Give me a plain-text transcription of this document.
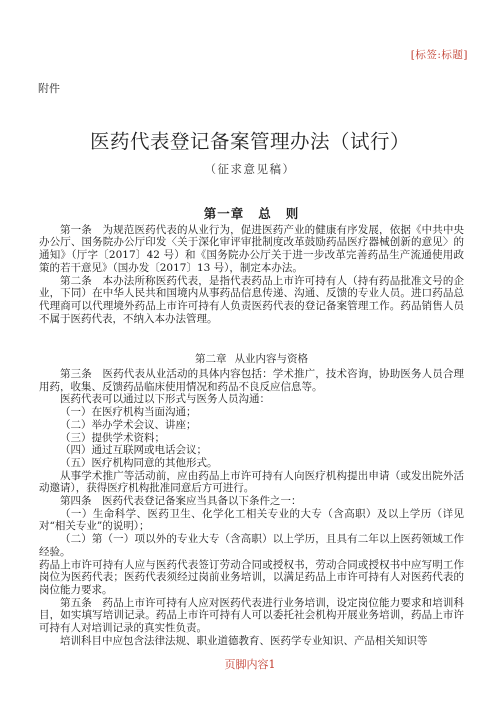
[标签:标题]
附件
医药代表登记备案管理办法（试行）
（征求意见稿）
第一章 总 则

第一条　为规范医药代表的从业行为，促进医药产业的健康有序发展，依据《中共中央办公厅、国务院办公厅印发〈关于深化审评审批制度改革鼓励药品医疗器械创新的意见〉的通知》（厅字〔2017〕42 号）和《国务院办公厅关于进一步改革完善药品生产流通使用政策的若干意见》（国办发〔2017〕13 号），制定本办法。

第二条　本办法所称医药代表，是指代表药品上市许可持有人（持有药品批准文号的企业，下同）在中华人民共和国境内从事药品信息传递、沟通、反馈的专业人员。进口药品总代理商可以代理境外药品上市许可持有人负责医药代表的登记备案管理工作。药品销售人员不属于医药代表，不纳入本办法管理。

第二章 从业内容与资格

第三条　医药代表从业活动的具体内容包括：学术推广，技术咨询，协助医务人员合理用药，收集、反馈药品临床使用情况和药品不良反应信息等。

医药代表可以通过以下形式与医务人员沟通：

（一）在医疗机构当面沟通；

（二）举办学术会议、讲座；

（三）提供学术资料；

（四）通过互联网或电话会议；

（五）医疗机构同意的其他形式。

从事学术推广等活动前，应由药品上市许可持有人向医疗机构提出申请（或发出院外活动邀请），获得医疗机构批准同意后方可进行。

第四条　医药代表登记备案应当具备以下条件之一：

（一）生命科学、医药卫生、化学化工相关专业的大专（含高职）及以上学历（详见对“相关专业”的说明）；

（二）第（一）项以外的专业大专（含高职）以上学历，且具有二年以上医药领域工作经验。

药品上市许可持有人应与医药代表签订劳动合同或授权书，劳动合同或授权书中应写明工作岗位为医药代表；医药代表须经过岗前业务培训，以满足药品上市许可持有人对医药代表的岗位能力要求。

第五条　药品上市许可持有人应对医药代表进行业务培训，设定岗位能力要求和培训科目，如实填写培训记录。药品上市许可持有人可以委托社会机构开展业务培训，药品上市许可持有人对培训记录的真实性负责。

培训科目中应包含法律法规、职业道德教育、医药学专业知识、产品相关知识等

页脚内容1
